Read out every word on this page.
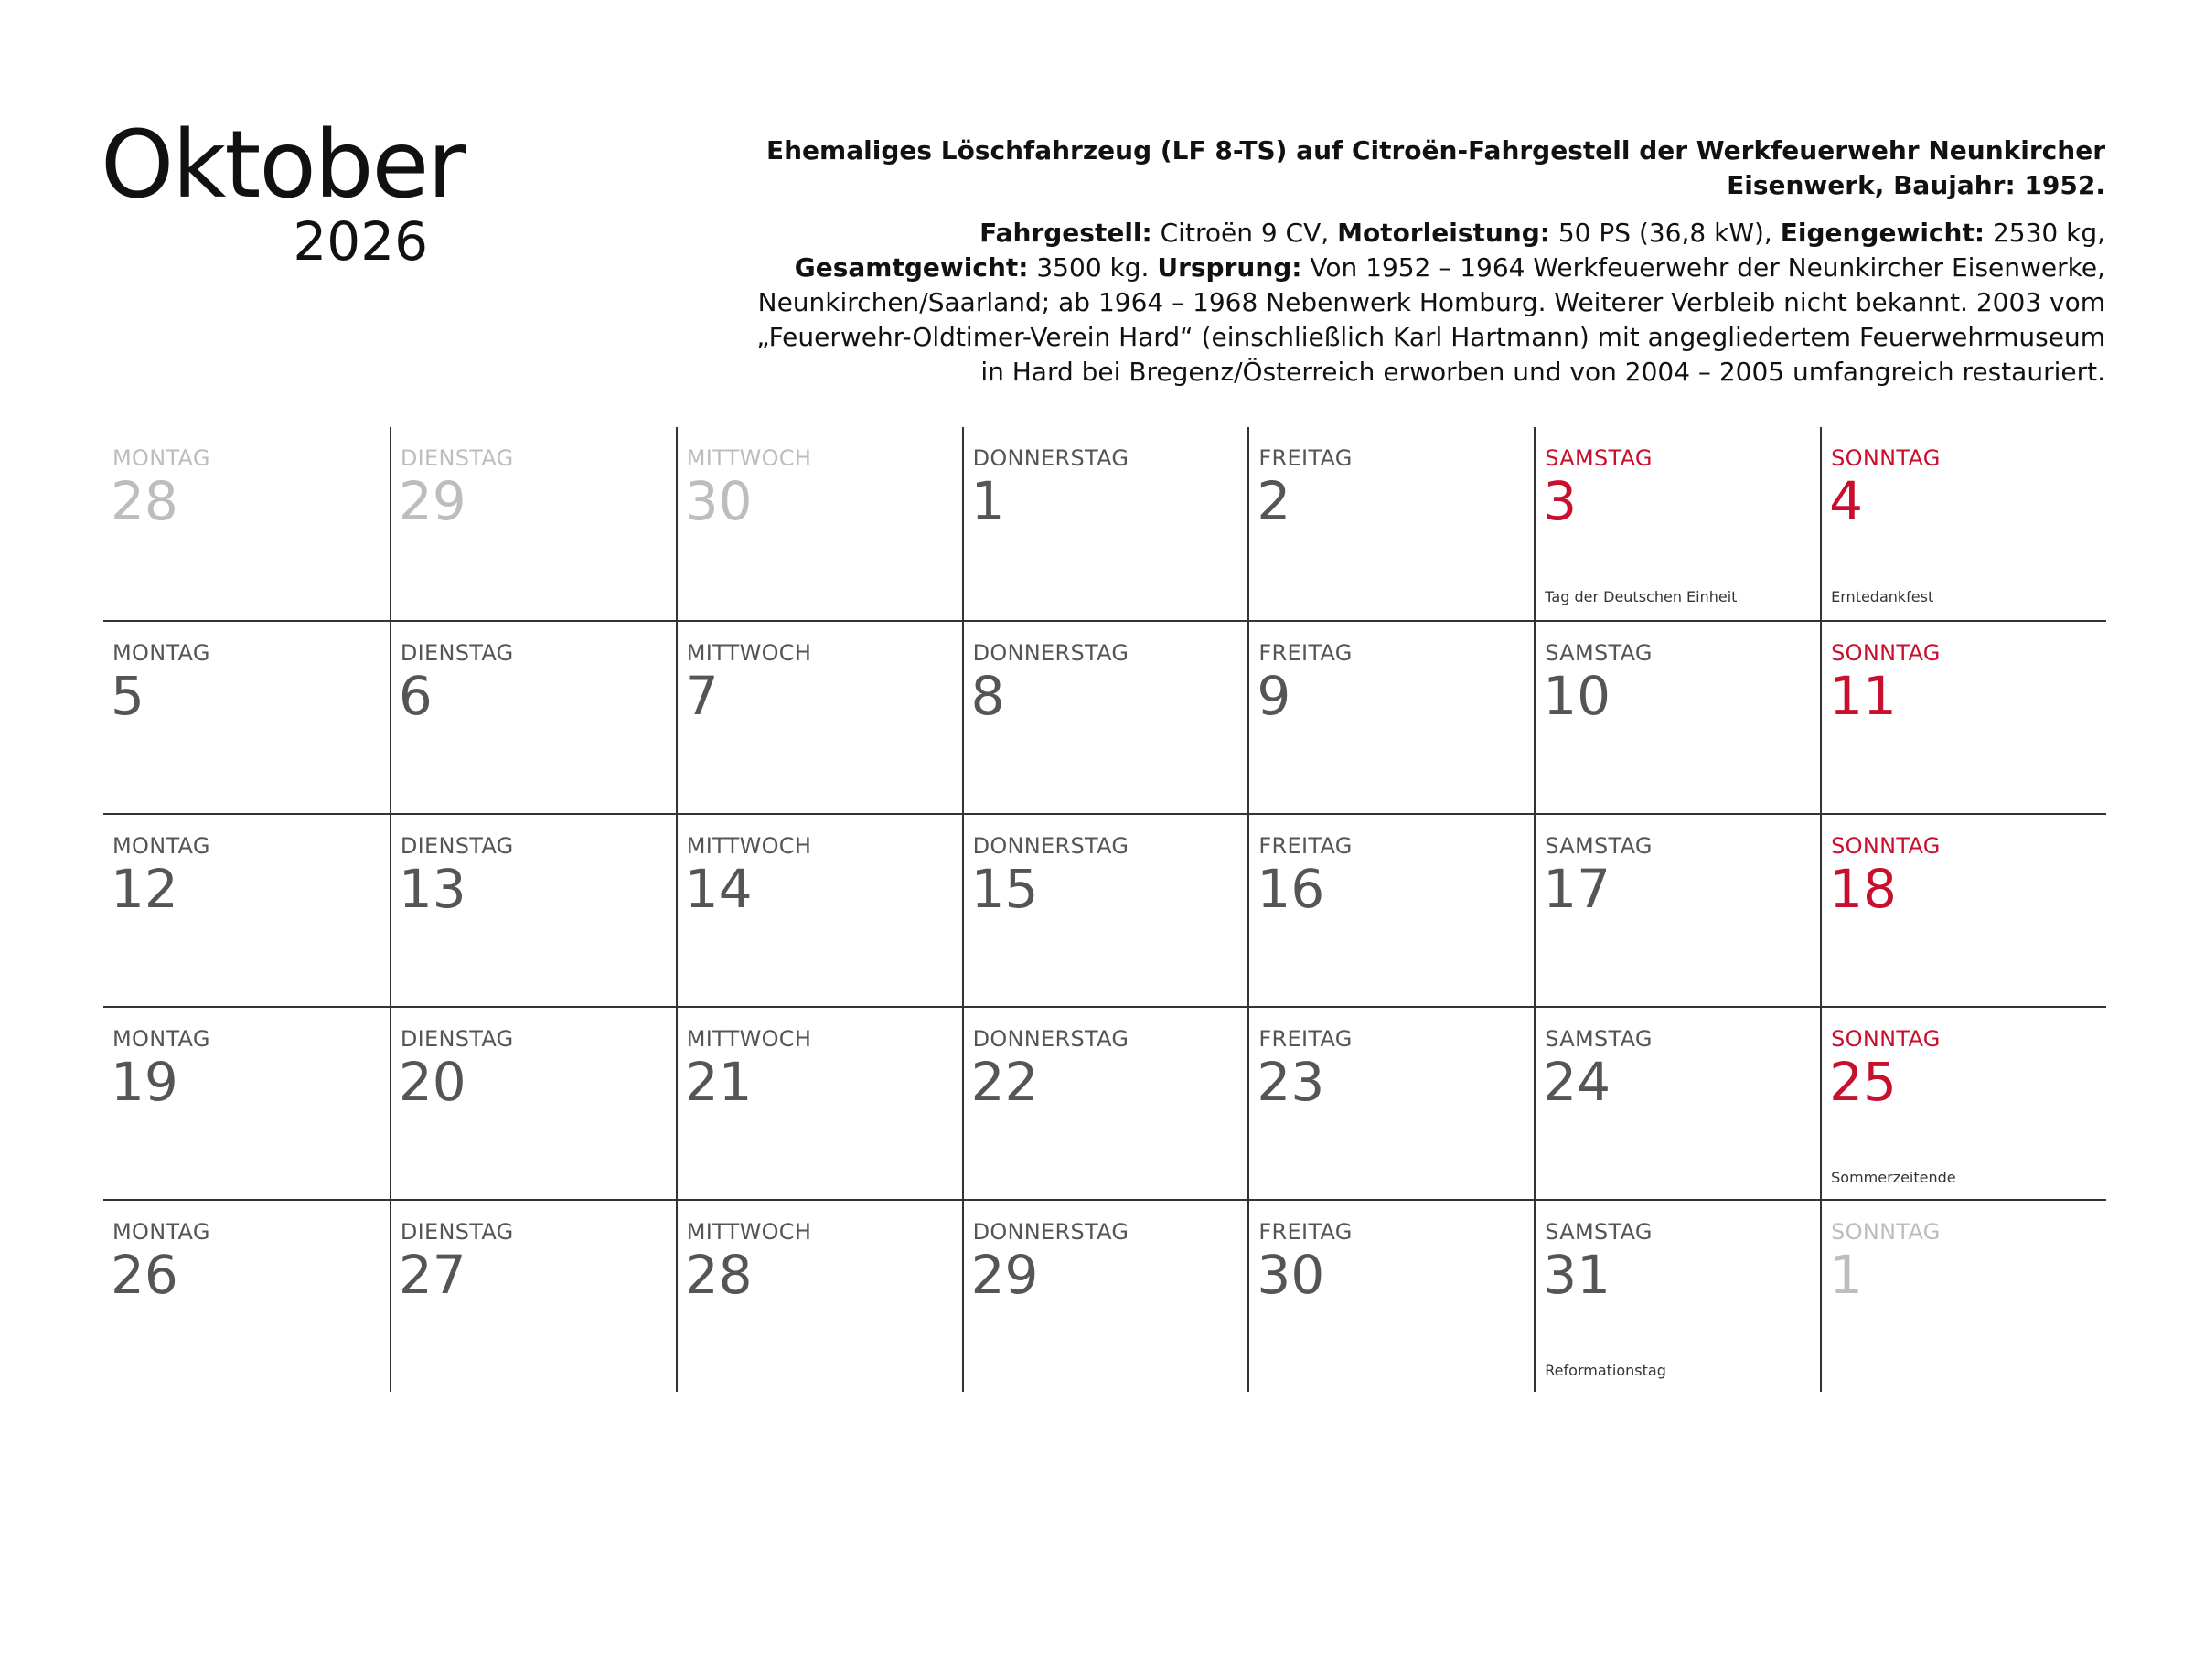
Oktober
2026

Ehemaliges Löschfahrzeug (LF 8-TS) auf Citroën-Fahrgestell der Werkfeuerwehr Neunkircher Eisenwerk, Baujahr: 1952.

Fahrgestell: Citroën 9 CV, Motorleistung: 50 PS (36,8 kW), Eigengewicht: 2530 kg,
Gesamtgewicht: 3500 kg. Ursprung: Von 1952 – 1964 Werkfeuerwehr der Neunkircher Eisenwerke, Neunkirchen/Saarland; ab 1964 – 1968 Nebenwerk Homburg. Weiterer Verbleib nicht bekannt. 2003 vom „Feuerwehr-Oldtimer-Verein Hard“ (einschließlich Karl Hartmann) mit angegliedertem Feuerwehrmuseum in Hard bei Bregenz/Österreich erworben und von 2004 – 2005 umfangreich restauriert.

MONTAG
28
DIENSTAG
29
MITTWOCH
30
DONNERSTAG
1
FREITAG
2
SAMSTAG
3
Tag der Deutschen Einheit
SONNTAG
4
Erntedankfest
MONTAG
5
DIENSTAG
6
MITTWOCH
7
DONNERSTAG
8
FREITAG
9
SAMSTAG
10
SONNTAG
11
MONTAG
12
DIENSTAG
13
MITTWOCH
14
DONNERSTAG
15
FREITAG
16
SAMSTAG
17
SONNTAG
18
MONTAG
19
DIENSTAG
20
MITTWOCH
21
DONNERSTAG
22
FREITAG
23
SAMSTAG
24
SONNTAG
25
Sommerzeitende
MONTAG
26
DIENSTAG
27
MITTWOCH
28
DONNERSTAG
29
FREITAG
30
SAMSTAG
31
Reformationstag
SONNTAG
1
